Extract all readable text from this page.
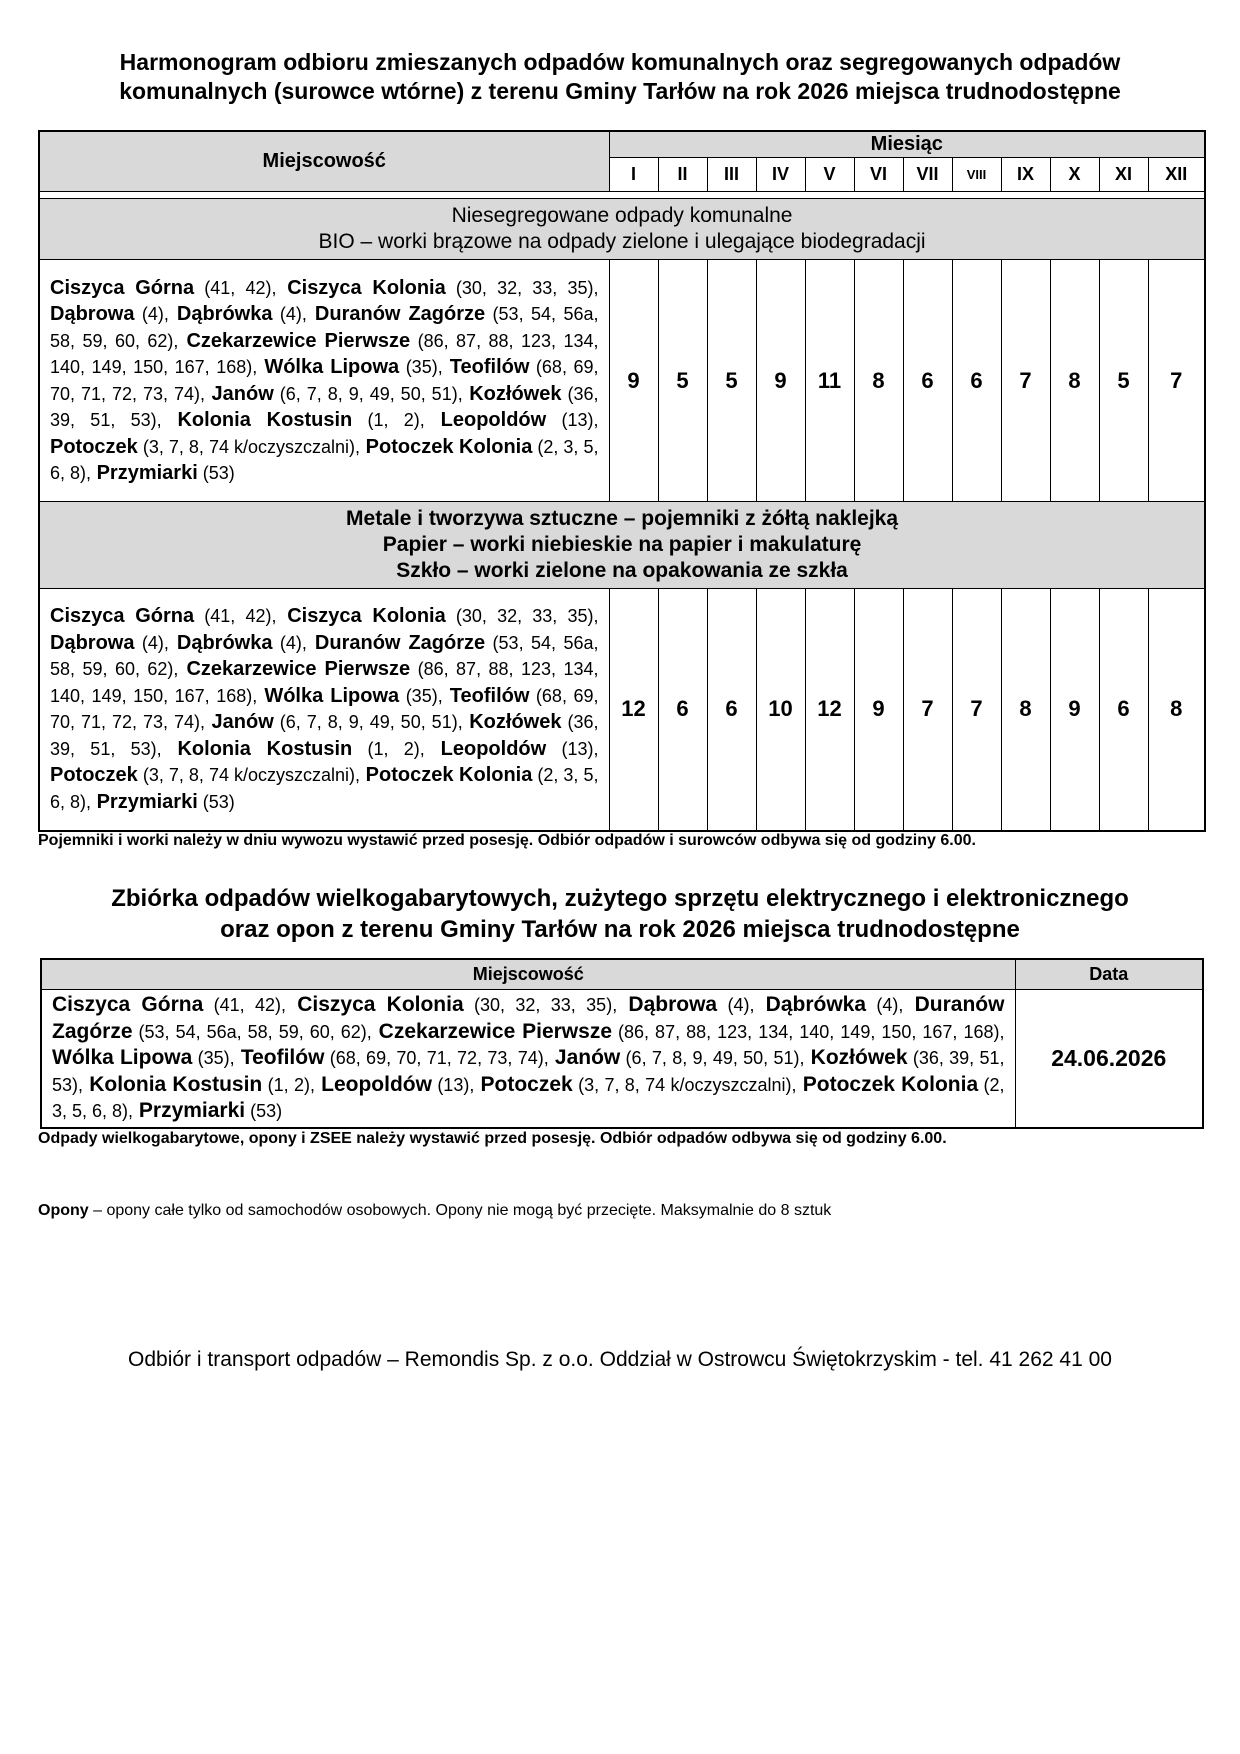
Harmonogram odbioru zmieszanych odpadów komunalnych oraz segregowanych odpadów
komunalnych (surowce wtórne) z terenu Gminy Tarłów na rok 2026 miejsca trudnodostępne
Miejscowość	Miesiąc											
	I	II	III	IV	V	VI	VII	VIII	IX	X	XI	XII

Niesegregowane odpady komunalne
BIO – worki brązowe na odpady zielone i ulegające biodegradacji												

Ciszyca Górna (41, 42), Ciszyca Kolonia (30, 32, 33, 35), Dąbrowa (4), Dąbrówka (4), Duranów Zagórze (53, 54, 56a, 58, 59, 60, 62), Czekarzewice Pierwsze (86, 87, 88, 123, 134, 140, 149, 150, 167, 168), Wólka Lipowa (35), Teofilów (68, 69, 70, 71, 72, 73, 74), Janów (6, 7, 8, 9, 49, 50, 51), Kozłówek (36, 39, 51, 53), Kolonia Kostusin (1, 2), Leopoldów (13), Potoczek (3, 7, 8, 74 k/oczyszczalni), Potoczek Kolonia (2, 3, 5, 6, 8), Przymiarki (53)	9	5	5	9	11	8	6	6	7	8	5	7

Metale i tworzywa sztuczne – pojemniki z żółtą naklejką
Papier – worki niebieskie na papier i makulaturę
Szkło – worki zielone na opakowania ze szkła												

Ciszyca Górna (41, 42), Ciszyca Kolonia (30, 32, 33, 35), Dąbrowa (4), Dąbrówka (4), Duranów Zagórze (53, 54, 56a, 58, 59, 60, 62), Czekarzewice Pierwsze (86, 87, 88, 123, 134, 140, 149, 150, 167, 168), Wólka Lipowa (35), Teofilów (68, 69, 70, 71, 72, 73, 74), Janów (6, 7, 8, 9, 49, 50, 51), Kozłówek (36, 39, 51, 53), Kolonia Kostusin (1, 2), Leopoldów (13), Potoczek (3, 7, 8, 74 k/oczyszczalni), Potoczek Kolonia (2, 3, 5, 6, 8), Przymiarki (53)	12	6	6	10	12	9	7	7	8	9	6	8
Pojemniki i worki należy w dniu wywozu wystawić przed posesję. Odbiór odpadów i surowców odbywa się od godziny 6.00.
Zbiórka odpadów wielkogabarytowych, zużytego sprzętu elektrycznego i elektronicznego
oraz opon z terenu Gminy Tarłów na rok 2026 miejsca trudnodostępne
Miejscowość	Data
Ciszyca Górna (41, 42), Ciszyca Kolonia (30, 32, 33, 35), Dąbrowa (4), Dąbrówka (4), Duranów Zagórze (53, 54, 56a, 58, 59, 60, 62), Czekarzewice Pierwsze (86, 87, 88, 123, 134, 140, 149, 150, 167, 168), Wólka Lipowa (35), Teofilów (68, 69, 70, 71, 72, 73, 74), Janów (6, 7, 8, 9, 49, 50, 51), Kozłówek (36, 39, 51, 53), Kolonia Kostusin (1, 2), Leopoldów (13), Potoczek (3, 7, 8, 74 k/oczyszczalni), Potoczek Kolonia (2, 3, 5, 6, 8), Przymiarki (53)	24.06.2026
Odpady wielkogabarytowe, opony i ZSEE należy wystawić przed posesję. Odbiór odpadów odbywa się od godziny 6.00.
Opony – opony całe tylko od samochodów osobowych. Opony nie mogą być przecięte. Maksymalnie do 8 sztuk
Odbiór i transport odpadów – Remondis Sp. z o.o. Oddział w Ostrowcu Świętokrzyskim - tel. 41 262 41 00
